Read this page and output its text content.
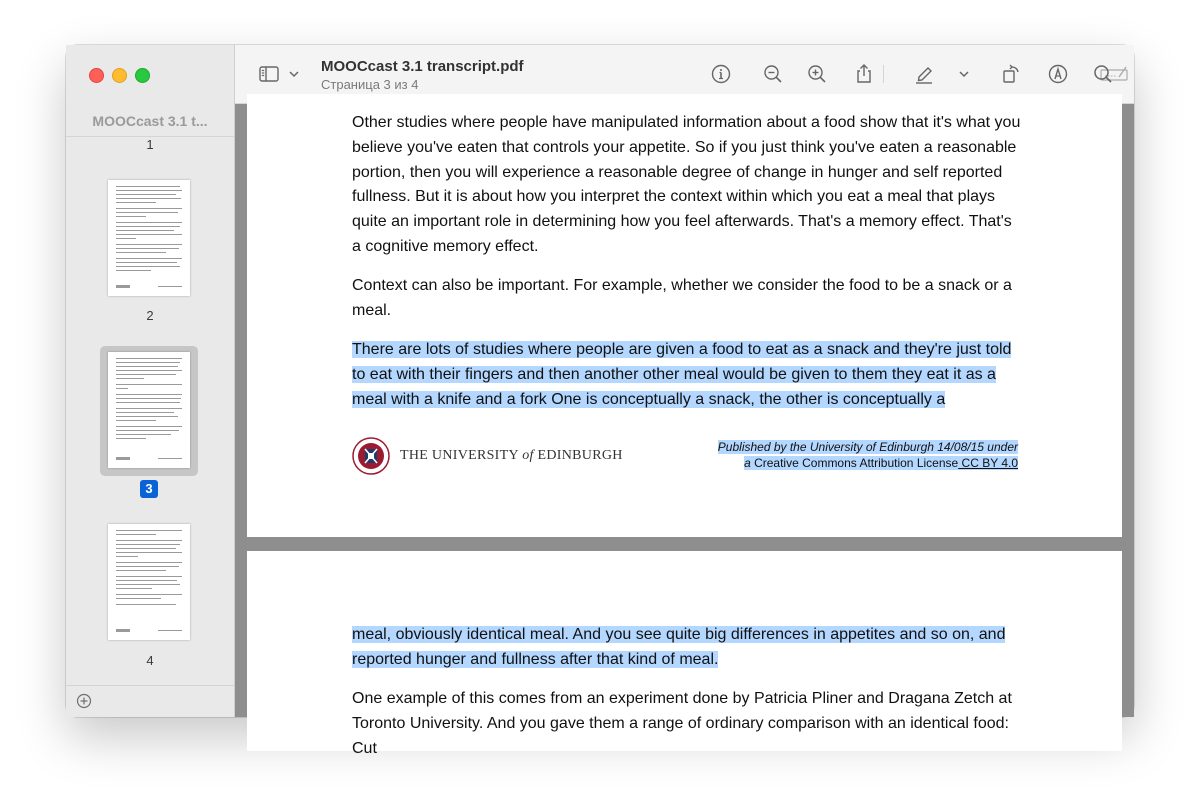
MOOCcast 3.1 t...
1
2
3
4
MOOCcast 3.1 transcript.pdf
Страница 3 из 4

Other studies where people have manipulated information about a food show that it's what you believe you've eaten that controls your appetite. So if you just think you've eaten a reasonable portion, then you will experience a reasonable degree of change in hunger and self reported fullness. But it is about how you interpret the context within which you eat a meal that plays quite an important role in determining how you feel afterwards. That's a memory effect. That's a cognitive memory effect.

Context can also be important. For example, whether we consider the food to be a snack or a meal.

There are lots of studies where people are given a food to eat as a snack and they're just told to eat with their fingers and then another other meal would be given to them they eat it as a meal with a knife and a fork One is conceptually a snack, the other is conceptually a

THE UNIVERSITY of EDINBURGH
Published by the University of Edinburgh 14/08/15 under
a Creative Commons Attribution License CC BY 4.0

meal, obviously identical meal. And you see quite big differences in appetites and so on, and reported hunger and fullness after that kind of meal.

One example of this comes from an experiment done by Patricia Pliner and Dragana Zetch at Toronto University. And you gave them a range of ordinary comparison with an identical food: Cut
